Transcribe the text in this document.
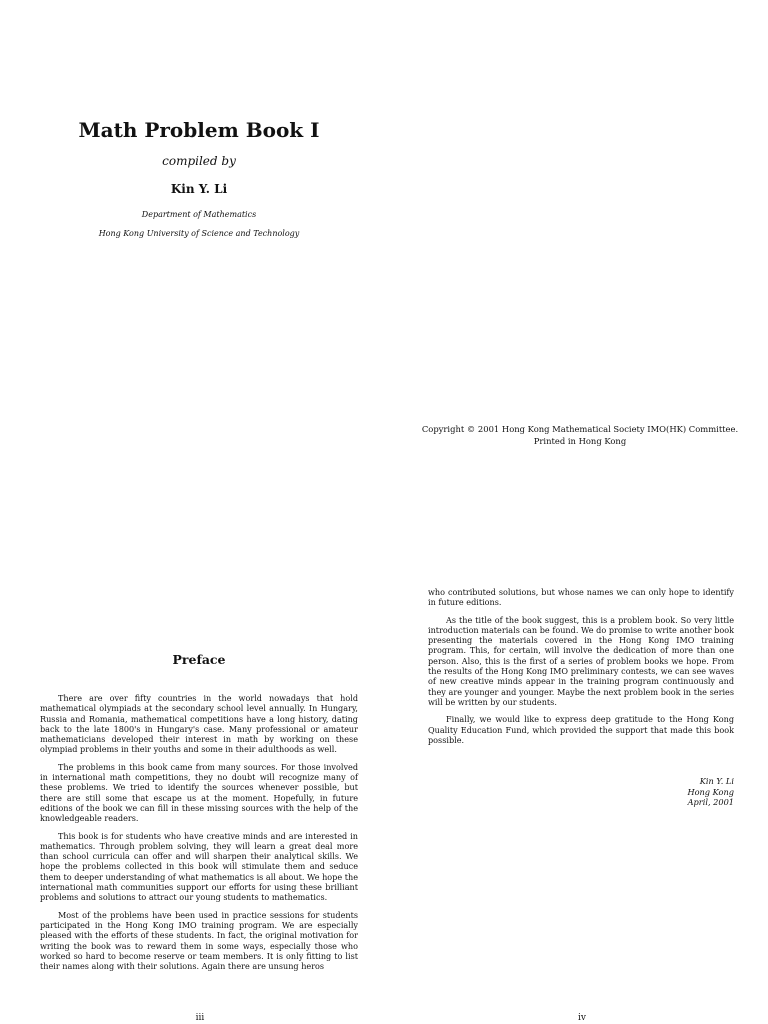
Math Problem Book I
compiled by
Kin Y. Li
Department of Mathematics
Hong Kong University of Science and Technology
Copyright © 2001 Hong Kong Mathematical Society IMO(HK) Committee.
Printed in Hong Kong
Preface

There are over fifty countries in the world nowadays that hold mathematical olympiads at the secondary school level annually. In Hungary, Russia and Romania, mathematical competitions have a long history, dating back to the late 1800's in Hungary's case. Many professional or amateur mathematicians developed their interest in math by working on these olympiad problems in their youths and some in their adulthoods as well.

The problems in this book came from many sources. For those involved in international math competitions, they no doubt will recognize many of these problems. We tried to identify the sources whenever possible, but there are still some that escape us at the moment. Hopefully, in future editions of the book we can fill in these missing sources with the help of the knowledgeable readers.

This book is for students who have creative minds and are interested in mathematics. Through problem solving, they will learn a great deal more than school curricula can offer and will sharpen their analytical skills. We hope the problems collected in this book will stimulate them and seduce them to deeper understanding of what mathematics is all about. We hope the international math communities support our efforts for using these brilliant problems and solutions to attract our young students to mathematics.

Most of the problems have been used in practice sessions for students participated in the Hong Kong IMO training program. We are especially pleased with the efforts of these students. In fact, the original motivation for writing the book was to reward them in some ways, especially those who worked so hard to become reserve or team members. It is only fitting to list their names along with their solutions. Again there are unsung heros

who contributed solutions, but whose names we can only hope to identify in future editions.

As the title of the book suggest, this is a problem book. So very little introduction materials can be found. We do promise to write another book presenting the materials covered in the Hong Kong IMO training program. This, for certain, will involve the dedication of more than one person. Also, this is the first of a series of problem books we hope. From the results of the Hong Kong IMO preliminary contests, we can see waves of new creative minds appear in the training program continuously and they are younger and younger. Maybe the next problem book in the series will be written by our students.

Finally, we would like to express deep gratitude to the Hong Kong Quality Education Fund, which provided the support that made this book possible.

Kin Y. Li
Hong Kong
April, 2001
iii	iv
